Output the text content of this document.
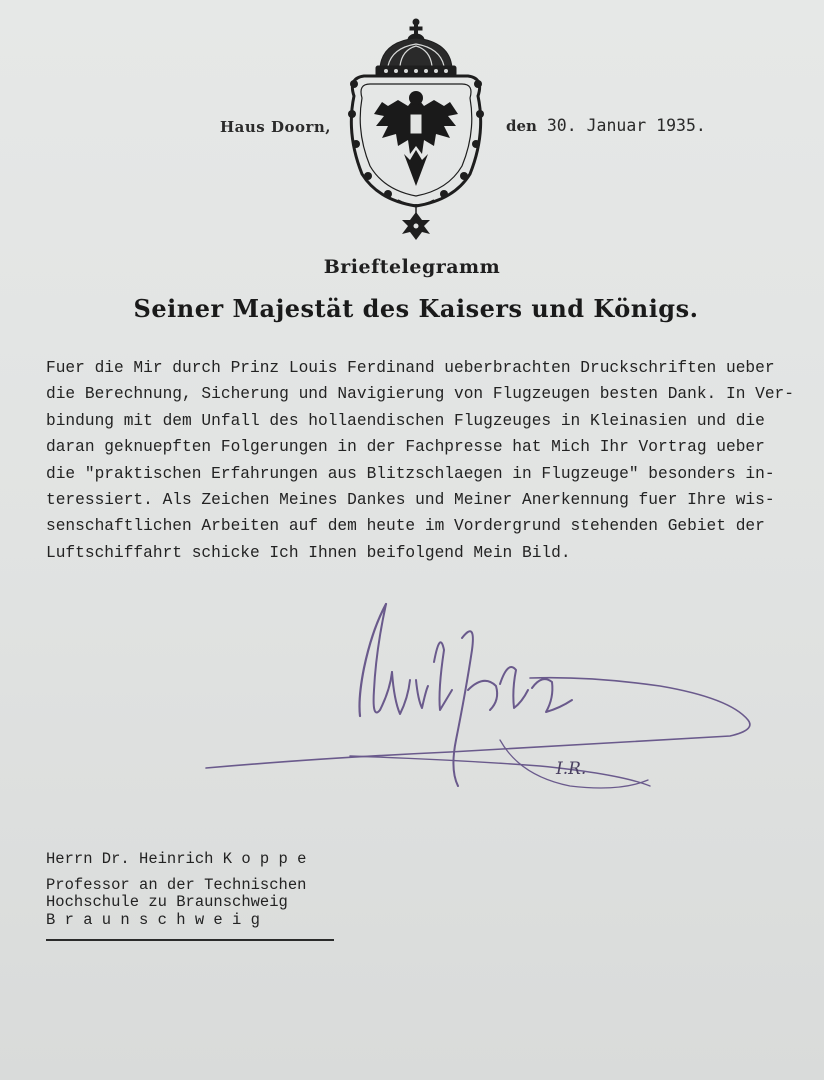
Haus Doorn,	den 30. Januar 1935.
Brieftelegramm
Seiner Majestät des Kaisers und Königs.
Fuer die Mir durch Prinz Louis Ferdinand ueberbrachten Druckschriften ueber
die Berechnung, Sicherung und Navigierung von Flugzeugen besten Dank. In Ver-
bindung mit dem Unfall des hollaendischen Flugzeuges in Kleinasien und die
daran geknuepften Folgerungen in der Fachpresse hat Mich Ihr Vortrag ueber
die "praktischen Erfahrungen aus Blitzschlaegen in Flugzeuge" besonders in-
teressiert. Als Zeichen Meines Dankes und Meiner Anerkennung fuer Ihre wis-
senschaftlichen Arbeiten auf dem heute im Vordergrund stehenden Gebiet der
Luftschiffahrt schicke Ich Ihnen beifolgend Mein Bild.
I.R.
Herrn Dr. Heinrich K o p p e
Professor an der Technischen
Hochschule zu Braunschweig
B r a u n s c h w e i g
